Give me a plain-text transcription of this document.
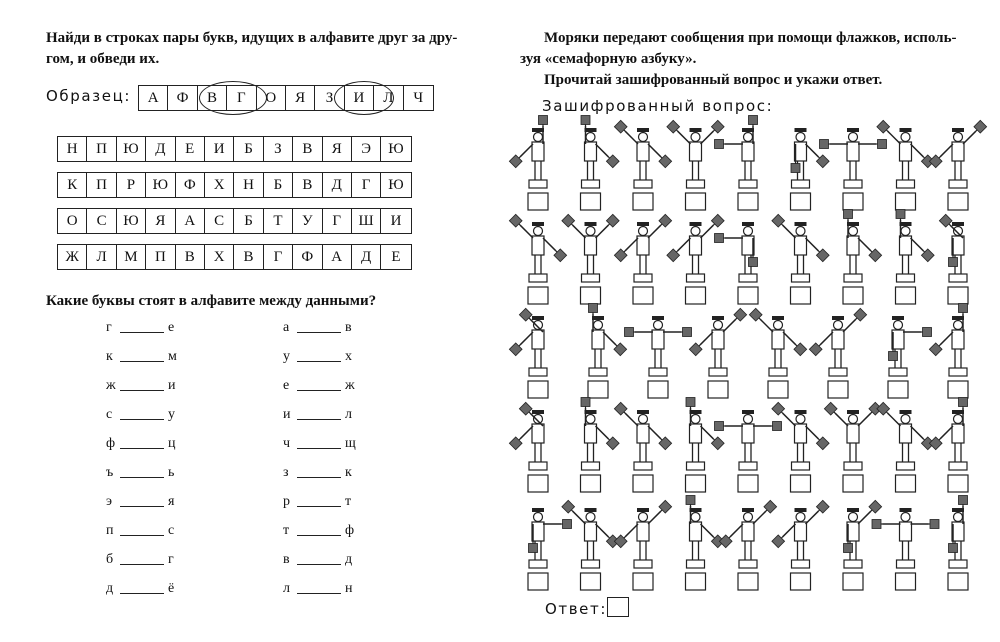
Найди в строках пары букв, идущих в алфавите друг за дру-
гом, и обведи их.
Образец:	А	Ф	В	Г	О	Я	З	И	Л	Ч
Н	П	Ю	Д	Е	И	Б	З	В	Я	Э	Ю
К	П	Р	Ю	Ф	Х	Н	Б	В	Д	Г	Ю
О	С	Ю	Я	А	С	Б	Т	У	Г	Ш	И
Ж	Л	М	П	В	Х	В	Г	Ф	А	Д	Е
Какие буквы стоят в алфавите между данными?
г	е
к	м
ж	и
с	у
ф	ц
ъ	ь
э	я
п	с
б	г
д	ё
а	в
у	х
е	ж
и	л
ч	щ
з	к
р	т
т	ф
в	д
л	н
Моряки передают сообщения при помощи флажков, исполь-
зуя «семафорную азбуку».
Прочитай зашифрованный вопрос и укажи ответ.
Зашифрованный вопрос:
Ответ:
